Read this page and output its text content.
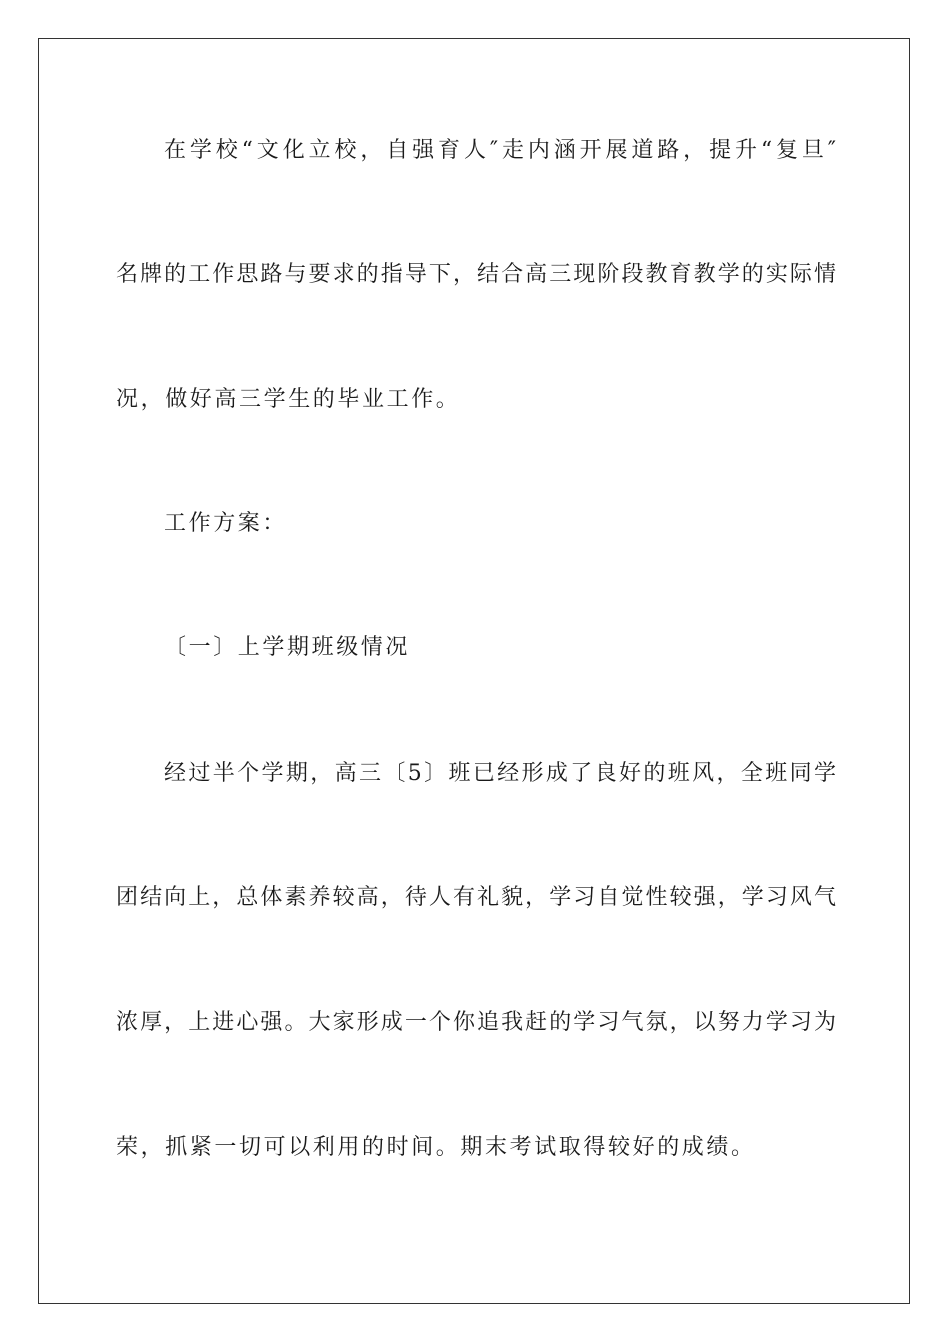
在学校“文化立校，自强育人″走内涵开展道路，提升“复旦″
名牌的工作思路与要求的指导下，结合高三现阶段教育教学的实际情
况，做好高三学生的毕业工作。
工作方案：
〔一〕上学期班级情况
经过半个学期，高三〔5〕班已经形成了良好的班风，全班同学
团结向上，总体素养较高，待人有礼貌，学习自觉性较强，学习风气
浓厚，上进心强。大家形成一个你追我赶的学习气氛，以努力学习为
荣，抓紧一切可以利用的时间。期末考试取得较好的成绩。
